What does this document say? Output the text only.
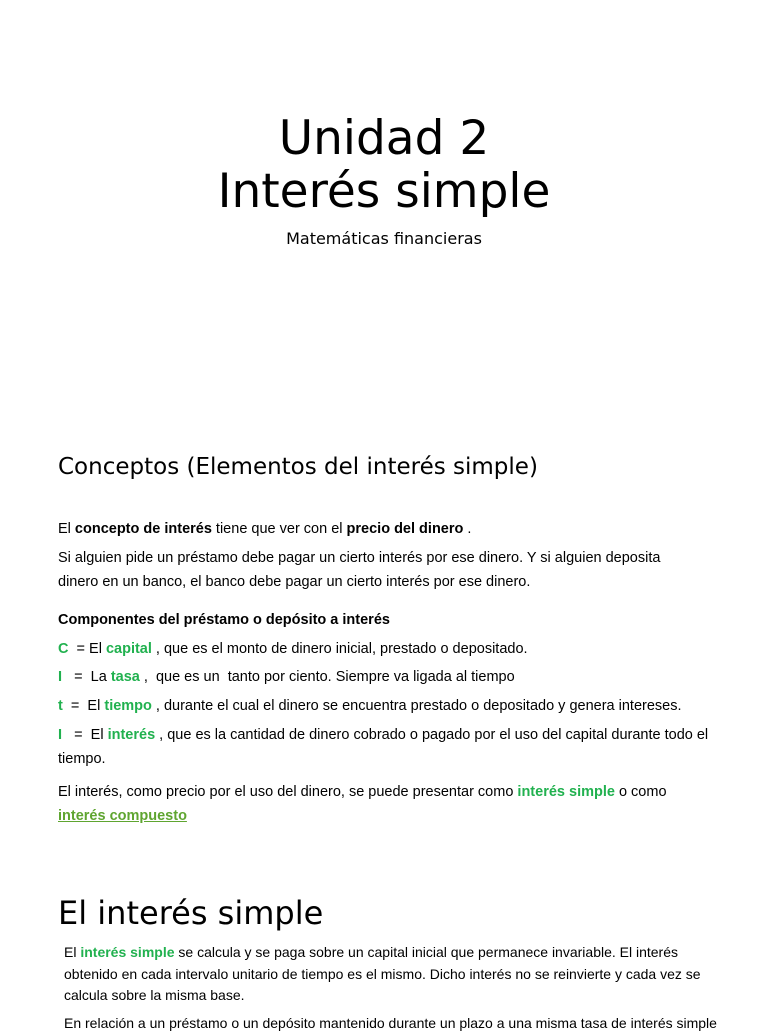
Unidad 2
Interés simple
Matemáticas financieras
Conceptos (Elementos del interés simple)
El concepto de interés tiene que ver con el precio del dinero .
Si alguien pide un préstamo debe pagar un cierto interés por ese dinero. Y si alguien deposita
dinero en un banco, el banco debe pagar un cierto interés por ese dinero.
Componentes del préstamo o depósito a interés
C  = El capital , que es el monto de dinero inicial, prestado o depositado.
I   =  La tasa ,  que es un  tanto por ciento. Siempre va ligada al tiempo
t  =  El tiempo , durante el cual el dinero se encuentra prestado o depositado y genera intereses.
I   =  El interés , que es la cantidad de dinero cobrado o pagado por el uso del capital durante todo el
tiempo.
El interés, como precio por el uso del dinero, se puede presentar como interés simple o como
interés compuesto
El interés simple
El interés simple se calcula y se paga sobre un capital inicial que permanece invariable. El interés
obtenido en cada intervalo unitario de tiempo es el mismo. Dicho interés no se reinvierte y cada vez se
calcula sobre la misma base.
En relación a un préstamo o un depósito mantenido durante un plazo a una misma tasa de interés simple
